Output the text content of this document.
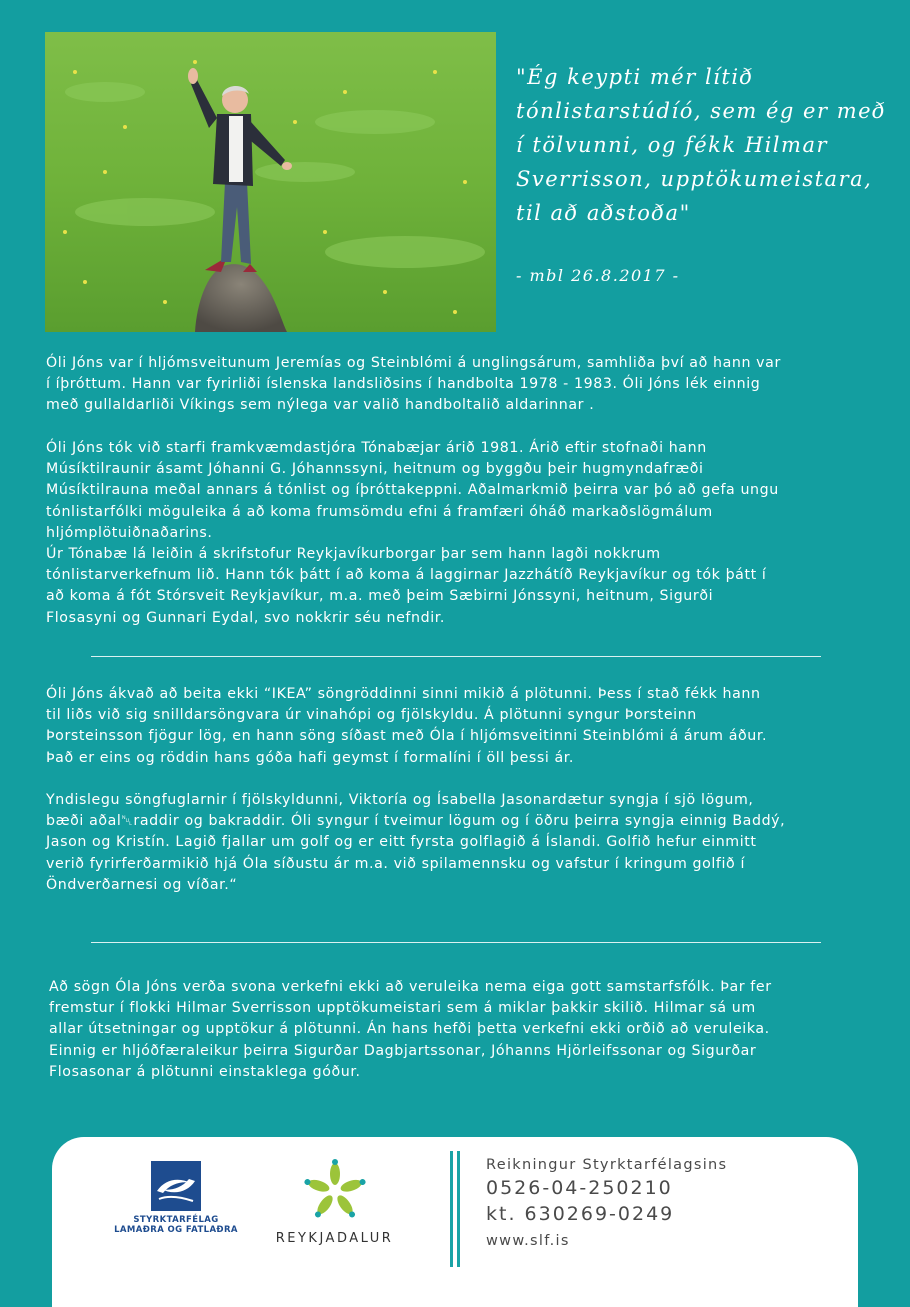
"Ég keypti mér lítið tónlistarstúdíó, sem ég er með í tölvunni, og fékk Hilmar Sverrisson, upptökumeistara, til að aðstoða"

- mbl 26.8.2017 -

Óli Jóns var í hljómsveitunum Jeremías og Steinblómi á unglingsárum, samhliða því að hann var
í íþróttum. Hann var fyrirliði íslenska landsliðsins í handbolta 1978 - 1983. Óli Jóns lék einnig
með gullaldarliði Víkings sem nýlega var valið handboltalið aldarinnar .

Óli Jóns tók við starfi framkvæmdastjóra Tónabæjar árið 1981. Árið eftir stofnaði hann
Músíktilraunir ásamt Jóhanni G. Jóhannssyni, heitnum og byggðu þeir hugmyndafræði
Músíktilrauna meðal annars á tónlist og íþróttakeppni. Aðalmarkmið þeirra var þó að gefa ungu
tónlistarfólki möguleika á að koma frumsömdu efni á framfæri óháð markaðslögmálum
hljómplötuiðnaðarins.
Úr Tónabæ lá leiðin á skrifstofur Reykjavíkurborgar þar sem hann lagði nokkrum
tónlistarverkefnum lið. Hann tók þátt í að koma á laggirnar Jazzhátíð Reykjavíkur og tók þátt í
að koma á fót Stórsveit Reykjavíkur, m.a. með þeim Sæbirni Jónssyni, heitnum, Sigurði
Flosasyni og Gunnari Eydal, svo nokkrir séu nefndir.

Óli Jóns ákvað að beita ekki “IKEA” söngröddinni sinni mikið á plötunni. Þess í stað fékk hann
til liðs við sig snilldarsöngvara úr vinahópi og fjölskyldu. Á plötunni syngur Þorsteinn
Þorsteinsson fjögur lög, en hann söng síðast með Óla í hljómsveitinni Steinblómi á árum áður.
Það er eins og röddin hans góða hafi geymst í formalíni í öll þessi ár.

Yndislegu söngfuglarnir í fjölskyldunni, Viktoría og Ísabella Jasonardætur syngja í sjö lögum,
bæði aðal␀raddir og bakraddir. Óli syngur í tveimur lögum og í öðru þeirra syngja einnig Baddý,
Jason og Kristín. Lagið fjallar um golf og er eitt fyrsta golflagið á Íslandi. Golfið hefur einmitt
verið fyrirferðarmikið hjá Óla síðustu ár m.a. við spilamennsku og vafstur í kringum golfið í
Öndverðarnesi og víðar.“

Að sögn Óla Jóns verða svona verkefni ekki að veruleika nema eiga gott samstarfsfólk. Þar fer
fremstur í flokki Hilmar Sverrisson upptökumeistari sem á miklar þakkir skilið. Hilmar sá um
allar útsetningar og upptökur á plötunni. Án hans hefði þetta verkefni ekki orðið að veruleika.
Einnig er hljóðfæraleikur þeirra Sigurðar Dagbjartssonar, Jóhanns Hjörleifssonar og Sigurðar
Flosasonar á plötunni einstaklega góður.

STYRKTARFÉLAG
LAMAÐRA OG FATLAÐRA
REYKJADALUR
Reikningur Styrktarfélagsins
0526-04-250210
kt. 630269-0249
www.slf.is
